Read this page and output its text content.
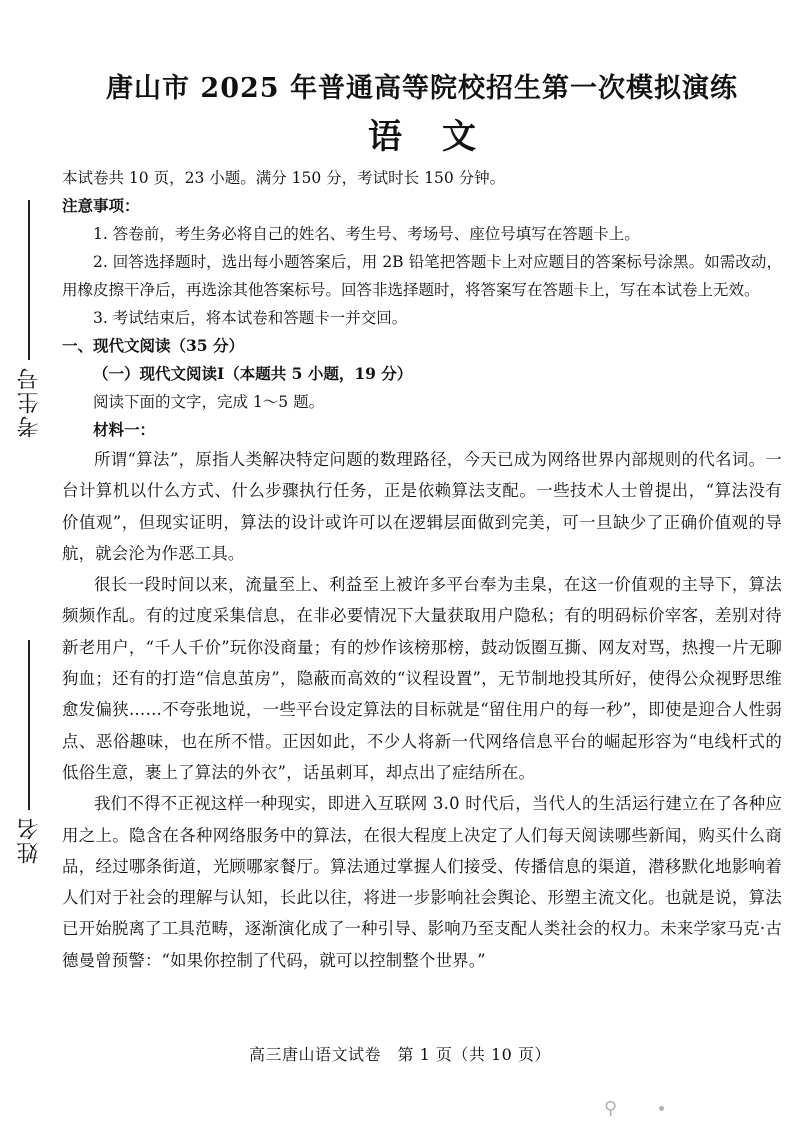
考生号
姓名
唐山市 2025 年普通高等院校招生第一次模拟演练
语文

本试卷共 10 页，23 小题。满分 150 分，考试时长 150 分钟。

注意事项：

1. 答卷前，考生务必将自己的姓名、考生号、考场号、座位号填写在答题卡上。

2. 回答选择题时，选出每小题答案后，用 2B 铅笔把答题卡上对应题目的答案标号涂黑。如需改动，用橡皮擦干净后，再选涂其他答案标号。回答非选择题时，将答案写在答题卡上，写在本试卷上无效。

3. 考试结束后，将本试卷和答题卡一并交回。

一、现代文阅读（35 分）

（一）现代文阅读Ⅰ（本题共 5 小题，19 分）

阅读下面的文字，完成 1～5 题。

材料一：

所谓“算法”，原指人类解决特定问题的数理路径，今天已成为网络世界内部规则的代名词。一台计算机以什么方式、什么步骤执行任务，正是依赖算法支配。一些技术人士曾提出，“算法没有价值观”，但现实证明，算法的设计或许可以在逻辑层面做到完美，可一旦缺少了正确价值观的导航，就会沦为作恶工具。

很长一段时间以来，流量至上、利益至上被许多平台奉为圭臬，在这一价值观的主导下，算法频频作乱。有的过度采集信息，在非必要情况下大量获取用户隐私；有的明码标价宰客，差别对待新老用户，“千人千价”玩你没商量；有的炒作该榜那榜，鼓动饭圈互撕、网友对骂，热搜一片无聊狗血；还有的打造“信息茧房”，隐蔽而高效的“议程设置”，无节制地投其所好，使得公众视野思维愈发偏狭……不夸张地说，一些平台设定算法的目标就是“留住用户的每一秒”，即使是迎合人性弱点、恶俗趣味，也在所不惜。正因如此，不少人将新一代网络信息平台的崛起形容为“电线杆式的低俗生意，裹上了算法的外衣”，话虽刺耳，却点出了症结所在。

我们不得不正视这样一种现实，即进入互联网 3.0 时代后，当代人的生活运行建立在了各种应用之上。隐含在各种网络服务中的算法，在很大程度上决定了人们每天阅读哪些新闻，购买什么商品，经过哪条街道，光顾哪家餐厅。算法通过掌握人们接受、传播信息的渠道，潜移默化地影响着人们对于社会的理解与认知，长此以往，将进一步影响社会舆论、形塑主流文化。也就是说，算法已开始脱离了工具范畴，逐渐演化成了一种引导、影响乃至支配人类社会的权力。未来学家马克·古德曼曾预警：“如果你控制了代码，就可以控制整个世界。”

高三唐山语文试卷　第 1 页（共 10 页）
⚲∙
